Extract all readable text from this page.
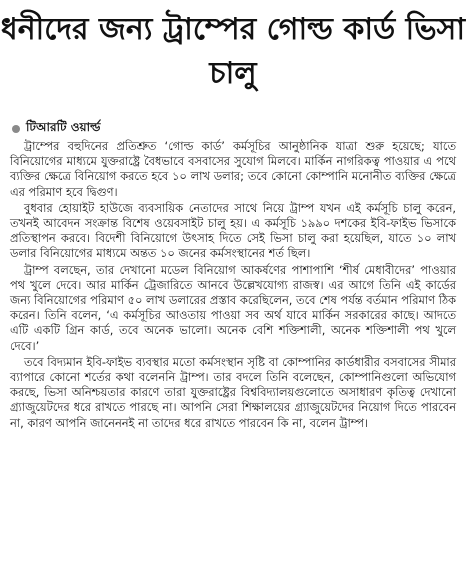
ধনীদের জন্য ট্রাম্পের গোল্ড কার্ড ভিসা চালু
টিআরটি ওয়ার্ল্ড

ট্রাম্পের বহুদিনের প্রতিশ্রুত ‘গোল্ড কার্ড’ কর্মসূচির আনুষ্ঠানিক যাত্রা শুরু হয়েছে; যাতে বিনিয়োগের মাধ্যমে যুক্তরাষ্ট্রে বৈধভাবে বসবাসের সুযোগ মিলবে। মার্কিন নাগরিকত্ব পাওয়ার এ পথে ব্যক্তির ক্ষেত্রে বিনিয়োগ করতে হবে ১০ লাখ ডলার; তবে কোনো কোম্পানি মনোনীত ব্যক্তির ক্ষেত্রে এর পরিমাণ হবে দ্বিগুণ।

বুধবার হোয়াইট হাউজে ব্যবসায়িক নেতাদের সাথে নিয়ে ট্রাম্প যখন এই কর্মসূচি চালু করেন, তখনই আবেদন সংক্রান্ত বিশেষ ওয়েবসাইট চালু হয়। এ কর্মসূচি ১৯৯০ দশকের ইবি-ফাইভ ভিসাকে প্রতিস্থাপন করবে। বিদেশী বিনিয়োগে উৎসাহ দিতে সেই ভিসা চালু করা হয়েছিল, যাতে ১০ লাখ ডলার বিনিয়োগের মাধ্যমে অন্তত ১০ জনের কর্মসংস্থানের শর্ত ছিল।

ট্রাম্প বলছেন, তার দেখানো মডেল বিনিয়োগ আকর্ষণের পাশাপাশি ‘শীর্ষ মেধাবীদের’ পাওয়ার পথ খুলে দেবে। আর মার্কিন ট্রেজারিতে আনবে উল্লেখযোগ্য রাজস্ব। এর আগে তিনি এই কার্ডের জন্য বিনিয়োগের পরিমাণ ৫০ লাখ ডলারের প্রস্তাব করেছিলেন, তবে শেষ পর্যন্ত বর্তমান পরিমাণ ঠিক করেন। তিনি বলেন, ‘এ কর্মসূচির আওতায় পাওয়া সব অর্থ যাবে মার্কিন সরকারের কাছে। আদতে এটি একটি গ্রিন কার্ড, তবে অনেক ভালো। অনেক বেশি শক্তিশালী, অনেক শক্তিশালী পথ খুলে দেবে।’

তবে বিদ্যমান ইবি-ফাইভ ব্যবস্থার মতো কর্মসংস্থান সৃষ্টি বা কোম্পানির কার্ডধারীর বসবাসের সীমার ব্যাপারে কোনো শর্তের কথা বলেননি ট্রাম্প। তার বদলে তিনি বলেছেন, কোম্পানিগুলো অভিযোগ করছে, ভিসা অনিশ্চয়তার কারণে তারা যুক্তরাষ্ট্রের বিশ্ববিদ্যালয়গুলোতে অসাধারণ কৃতিত্ব দেখানো গ্র্যাজুয়েটদের ধরে রাখতে পারছে না। আপনি সেরা শিক্ষালয়ের গ্র্যাজুয়েটদের নিয়োগ দিতে পারবেন না, কারণ আপনি জানেননই না তাদের ধরে রাখতে পারবেন কি না, বলেন ট্রাম্প।
